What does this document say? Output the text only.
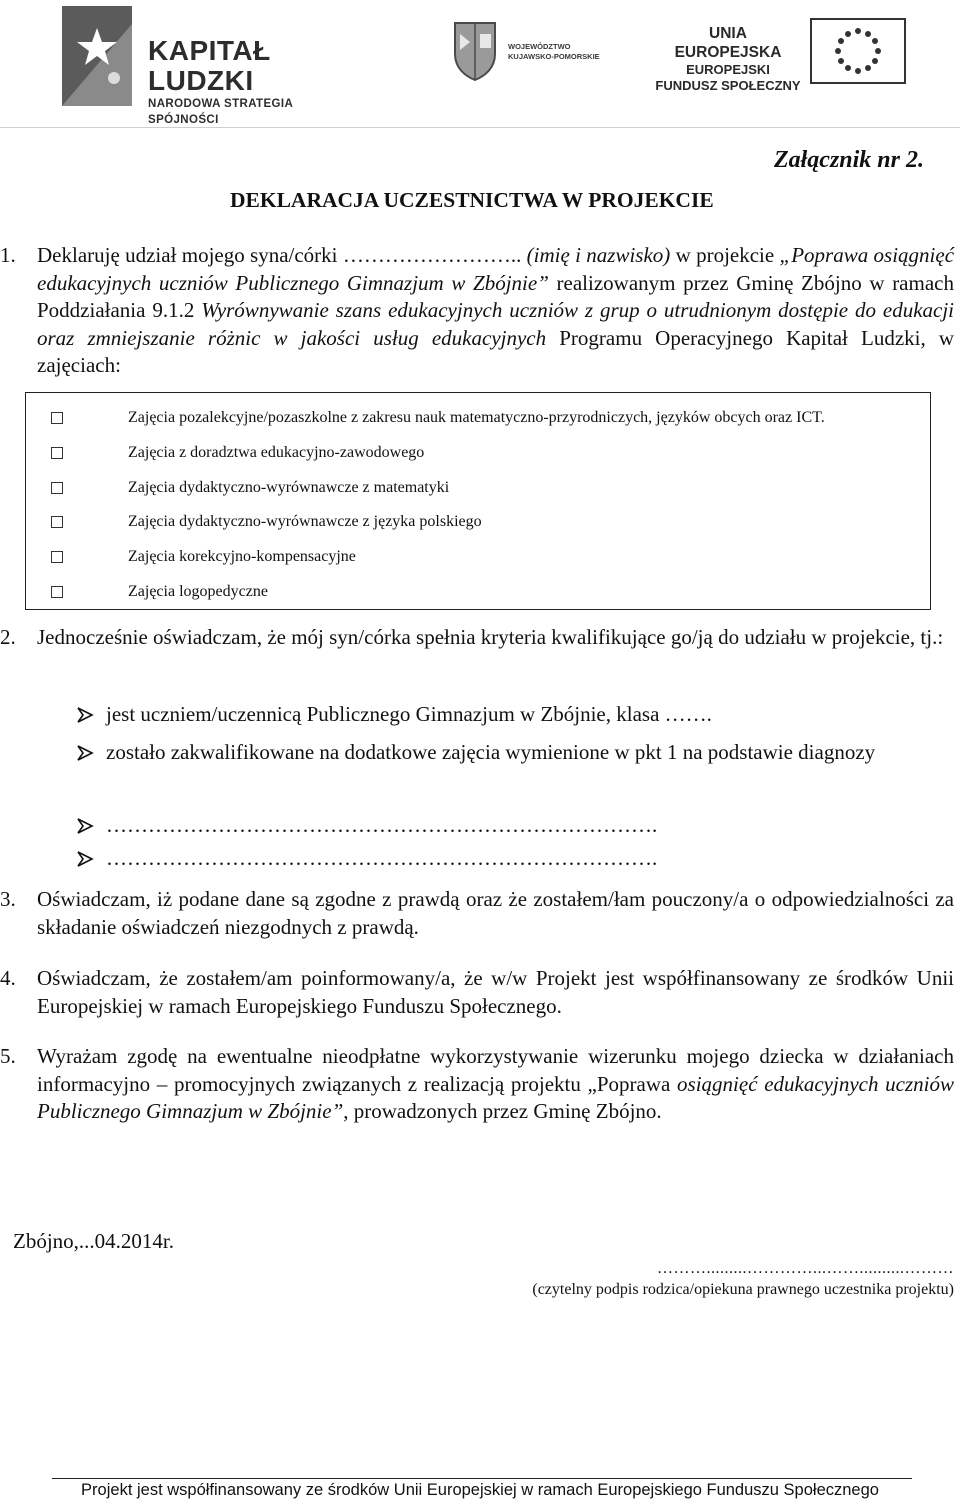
KAPITAŁ LUDZKI
NARODOWA STRATEGIA SPÓJNOŚCI
WOJEWÓDZTWO
KUJAWSKO-POMORSKIE
UNIA EUROPEJSKA
EUROPEJSKI
FUNDUSZ SPOŁECZNY
Załącznik nr 2.
DEKLARACJA UCZESTNICTWA W PROJEKCIE
1. Deklaruję udział mojego syna/córki …………………….. (imię i nazwisko) w projekcie „Poprawa osiągnięć edukacyjnych uczniów Publicznego Gimnazjum w Zbójnie” realizowanym przez Gminę Zbójno w ramach Poddziałania 9.1.2 Wyrównywanie szans edukacyjnych uczniów z grup o utrudnionym dostępie do edukacji oraz zmniejszanie różnic w jakości usług edukacyjnych Programu Operacyjnego Kapitał Ludzki, w zajęciach:
Zajęcia pozalekcyjne/pozaszkolne z zakresu nauk matematyczno-przyrodniczych, języków obcych oraz ICT.
Zajęcia z doradztwa edukacyjno-zawodowego
Zajęcia dydaktyczno-wyrównawcze z matematyki
Zajęcia dydaktyczno-wyrównawcze z języka polskiego
Zajęcia korekcyjno-kompensacyjne
Zajęcia logopedyczne
2. Jednocześnie oświadczam, że mój syn/córka spełnia kryteria kwalifikujące go/ją do udziału w projekcie, tj.:
jest uczniem/uczennicą Publicznego Gimnazjum w Zbójnie, klasa …….
zostało zakwalifikowane na dodatkowe zajęcia wymienione w pkt 1 na podstawie diagnozy
…………………………………………………………………….
…………………………………………………………………….
3. Oświadczam, iż podane dane są zgodne z prawdą oraz że zostałem/łam pouczony/a o odpowiedzialności za składanie oświadczeń niezgodnych z prawdą.
4. Oświadczam, że zostałem/am poinformowany/a, że w/w Projekt jest współfinansowany ze środków Unii Europejskiej w ramach Europejskiego Funduszu Społecznego.
5. Wyrażam zgodę na ewentualne nieodpłatne wykorzystywanie wizerunku mojego dziecka w działaniach informacyjno – promocyjnych związanych z realizacją projektu „Poprawa osiągnięć edukacyjnych uczniów Publicznego Gimnazjum w Zbójnie”, prowadzonych przez Gminę Zbójno.
Zbójno,...04.2014r.
……….........…………...……..........………
(czytelny podpis rodzica/opiekuna prawnego uczestnika projektu)
Projekt jest współfinansowany ze środków Unii Europejskiej w ramach Europejskiego Funduszu Społecznego
